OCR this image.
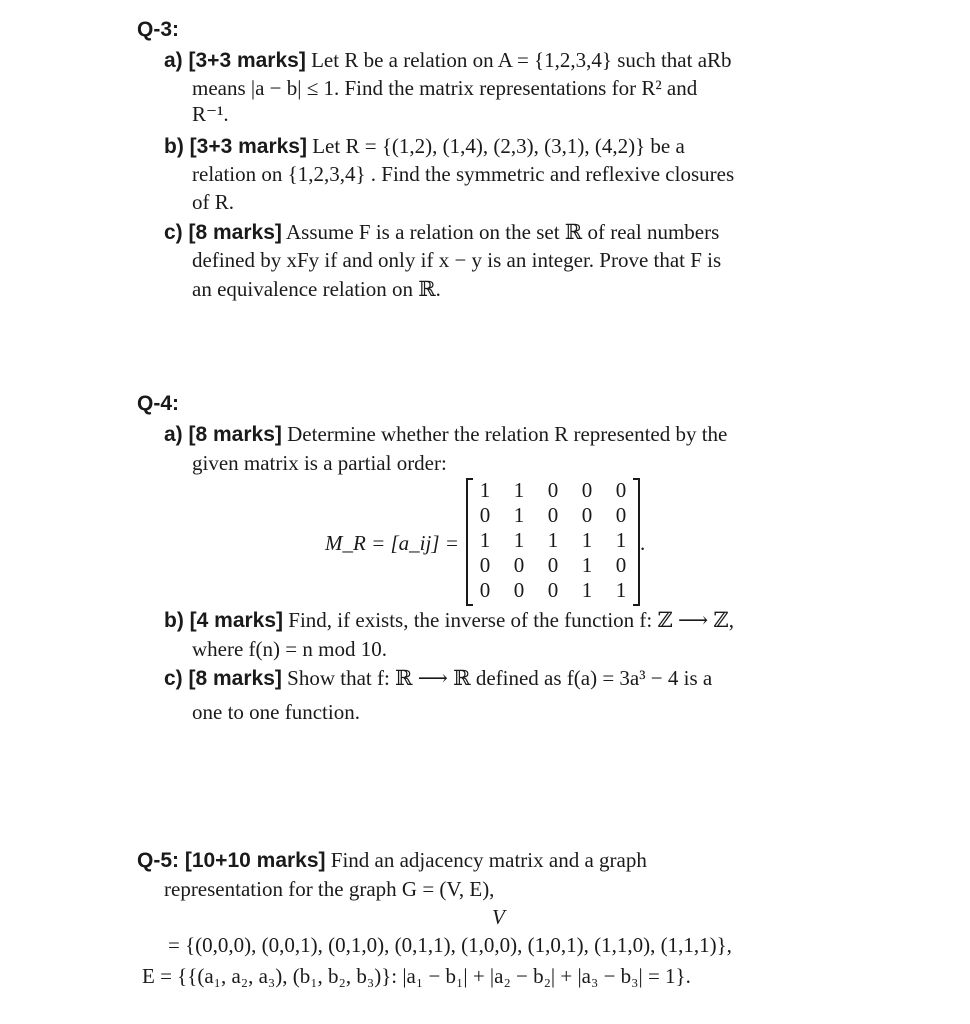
Q-3:
a) [3+3 marks] Let R be a relation on A = {1,2,3,4} such that aRb
means |a − b| ≤ 1. Find the matrix representations for R² and
R⁻¹.
b) [3+3 marks] Let R = {(1,2), (1,4), (2,3), (3,1), (4,2)} be a
relation on {1,2,3,4} . Find the symmetric and reflexive closures
of R.
c) [8 marks] Assume F is a relation on the set ℝ of real numbers
defined by xFy if and only if x − y is an integer. Prove that F is
an equivalence relation on ℝ.
Q-4:
a) [8 marks] Determine whether the relation R represented by the
given matrix is a partial order:
M_R = [a_ij] =
1	1	0	0	0
0	1	0	0	0
1	1	1	1	1
0	0	0	1	0
0	0	0	1	1
.
b) [4 marks] Find, if exists, the inverse of the function f: ℤ ⟶ ℤ,
where f(n) = n mod 10.
c) [8 marks] Show that f: ℝ ⟶ ℝ defined as f(a) = 3a³ − 4 is a
one to one function.
Q-5: [10+10 marks] Find an adjacency matrix and a graph
representation for the graph G = (V, E),
V
= {(0,0,0), (0,0,1), (0,1,0), (0,1,1), (1,0,0), (1,0,1), (1,1,0), (1,1,1)},
E = {{(a₁, a₂, a₃), (b₁, b₂, b₃)}: |a₁ − b₁| + |a₂ − b₂| + |a₃ − b₃| = 1}.
